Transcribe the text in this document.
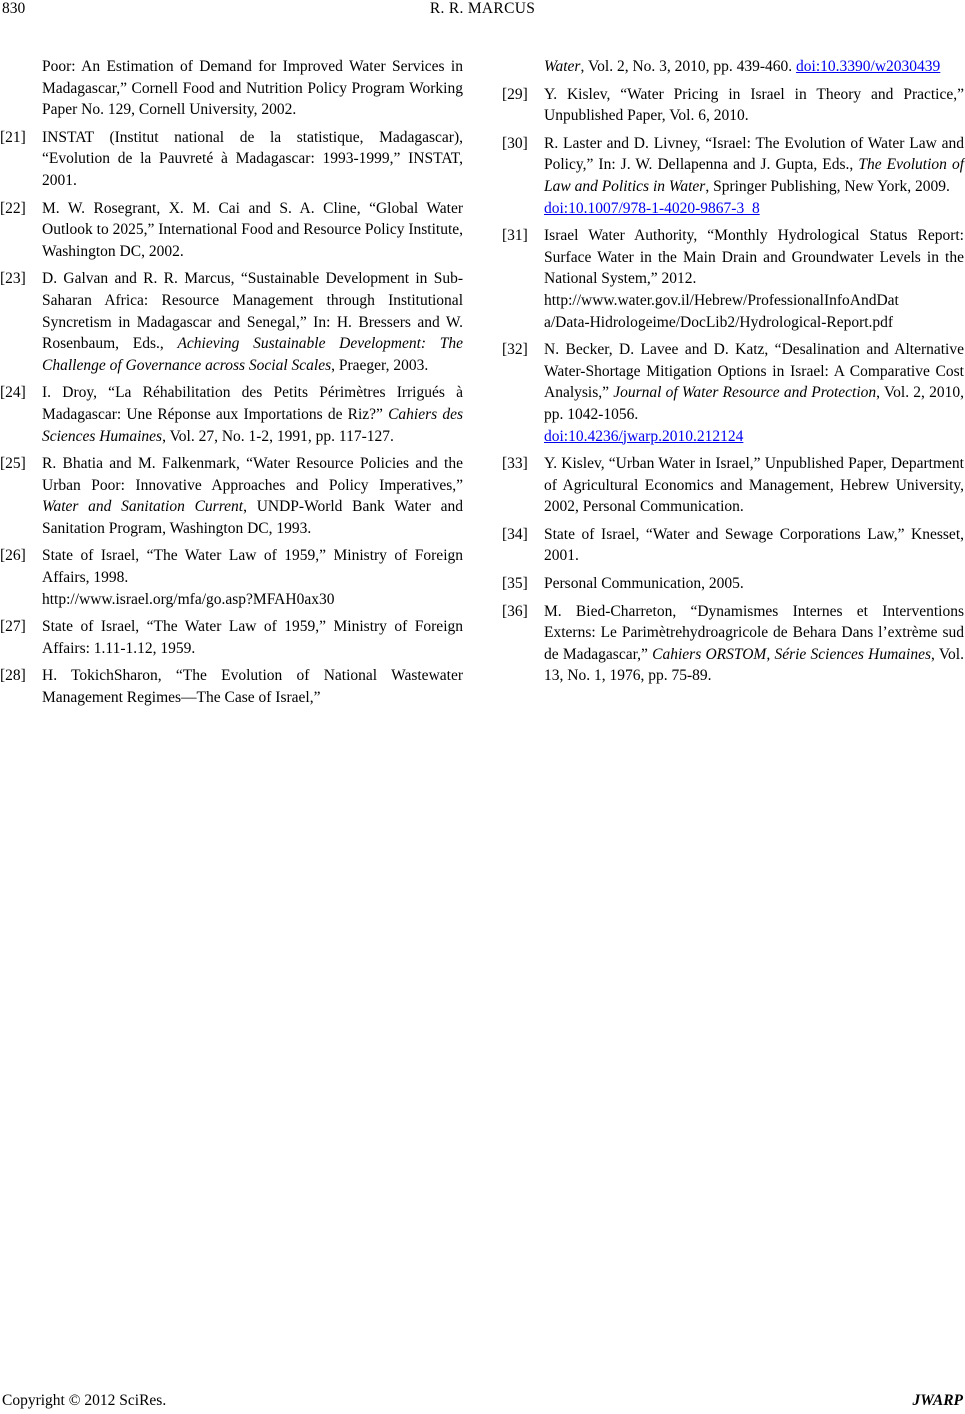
830	R. R. MARCUS
Poor: An Estimation of Demand for Improved Water Services in Madagascar,” Cornell Food and Nutrition Policy Program Working Paper No. 129, Cornell University, 2002.
[21] INSTAT (Institut national de la statistique, Madagascar), “Evolution de la Pauvreté à Madagascar: 1993-1999,” INSTAT, 2001.
[22] M. W. Rosegrant, X. M. Cai and S. A. Cline, “Global Water Outlook to 2025,” International Food and Resource Policy Institute, Washington DC, 2002.
[23] D. Galvan and R. R. Marcus, “Sustainable Development in Sub-Saharan Africa: Resource Management through Institutional Syncretism in Madagascar and Senegal,” In: H. Bressers and W. Rosenbaum, Eds., Achieving Sustainable Development: The Challenge of Governance across Social Scales, Praeger, 2003.
[24] I. Droy, “La Réhabilitation des Petits Périmètres Irrigués à Madagascar: Une Réponse aux Importations de Riz?” Cahiers des Sciences Humaines, Vol. 27, No. 1-2, 1991, pp. 117-127.
[25] R. Bhatia and M. Falkenmark, “Water Resource Policies and the Urban Poor: Innovative Approaches and Policy Imperatives,” Water and Sanitation Current, UNDP-World Bank Water and Sanitation Program, Washington DC, 1993.
[26] State of Israel, “The Water Law of 1959,” Ministry of Foreign Affairs, 1998.
http://www.israel.org/mfa/go.asp?MFAH0ax30
[27] State of Israel, “The Water Law of 1959,” Ministry of Foreign Affairs: 1.11-1.12, 1959.
[28] H. TokichSharon, “The Evolution of National Wastewater Management Regimes—The Case of Israel,”
Water, Vol. 2, No. 3, 2010, pp. 439-460. doi:10.3390/w2030439
[29] Y. Kislev, “Water Pricing in Israel in Theory and Practice,” Unpublished Paper, Vol. 6, 2010.
[30] R. Laster and D. Livney, “Israel: The Evolution of Water Law and Policy,” In: J. W. Dellapenna and J. Gupta, Eds., The Evolution of Law and Politics in Water, Springer Publishing, New York, 2009.
doi:10.1007/978-1-4020-9867-3_8
[31] Israel Water Authority, “Monthly Hydrological Status Report: Surface Water in the Main Drain and Groundwater Levels in the National System,” 2012.
http://www.water.gov.il/Hebrew/ProfessionalInfoAndDat
a/Data-Hidrologeime/DocLib2/Hydrological-Report.pdf
[32] N. Becker, D. Lavee and D. Katz, “Desalination and Alternative Water-Shortage Mitigation Options in Israel: A Comparative Cost Analysis,” Journal of Water Resource and Protection, Vol. 2, 2010, pp. 1042-1056.
doi:10.4236/jwarp.2010.212124
[33] Y. Kislev, “Urban Water in Israel,” Unpublished Paper, Department of Agricultural Economics and Management, Hebrew University, 2002, Personal Communication.
[34] State of Israel, “Water and Sewage Corporations Law,” Knesset, 2001.
[35] Personal Communication, 2005.
[36] M. Bied-Charreton, “Dynamismes Internes et Interventions Externs: Le Parimètrehydroagricole de Behara Dans l’extrème sud de Madagascar,” Cahiers ORSTOM, Série Sciences Humaines, Vol. 13, No. 1, 1976, pp. 75-89.
Copyright © 2012 SciRes.	JWARP
